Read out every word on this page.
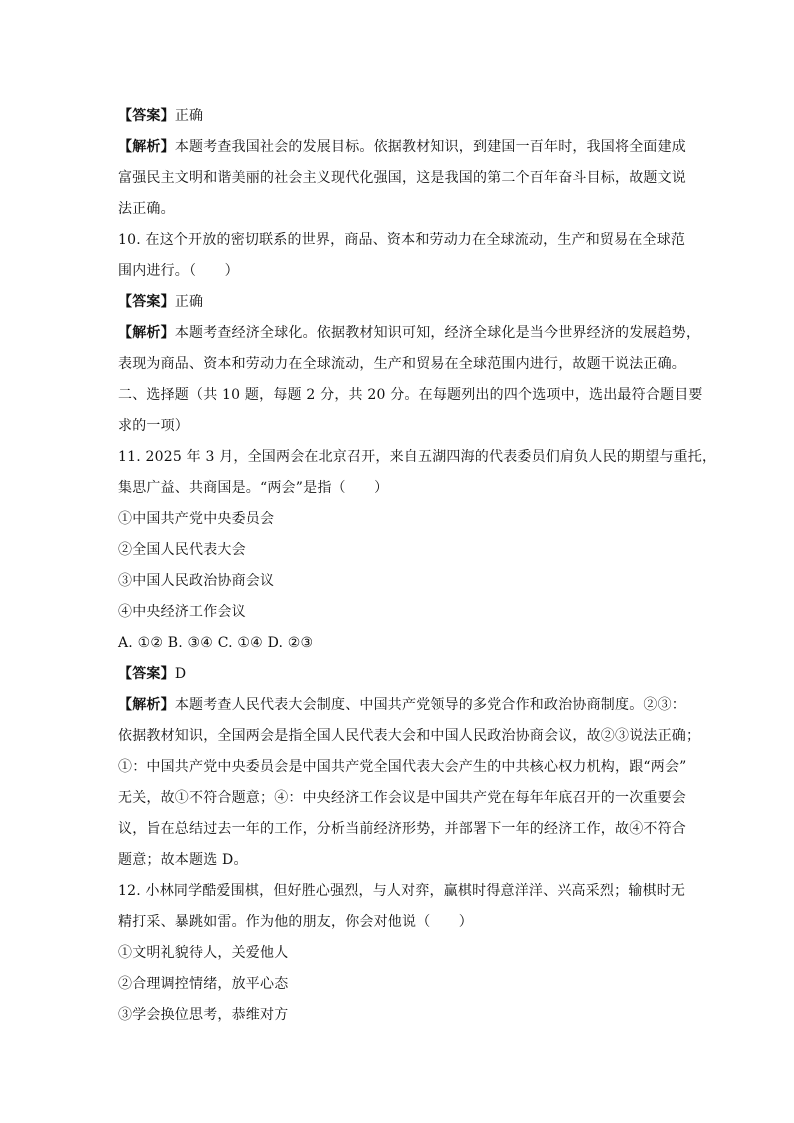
【答案】正确
【解析】本题考查我国社会的发展目标。依据教材知识，到建国一百年时，我国将全面建成
富强民主文明和谐美丽的社会主义现代化强国，这是我国的第二个百年奋斗目标，故题文说
法正确。
10. 在这个开放的密切联系的世界，商品、资本和劳动力在全球流动，生产和贸易在全球范
围内进行。（　　）
【答案】正确
【解析】本题考查经济全球化。依据教材知识可知，经济全球化是当今世界经济的发展趋势，
表现为商品、资本和劳动力在全球流动，生产和贸易在全球范围内进行，故题干说法正确。
二、选择题（共 10 题，每题 2 分，共 20 分。在每题列出的四个选项中，选出最符合题目要
求的一项）
11. 2025 年 3 月，全国两会在北京召开，来自五湖四海的代表委员们肩负人民的期望与重托，
集思广益、共商国是。“两会”是指（　　）
①中国共产党中央委员会
②全国人民代表大会
③中国人民政治协商会议
④中央经济工作会议
A. ①② B. ③④ C. ①④ D. ②③
【答案】D
【解析】本题考查人民代表大会制度、中国共产党领导的多党合作和政治协商制度。②③：
依据教材知识，全国两会是指全国人民代表大会和中国人民政治协商会议，故②③说法正确；
①：中国共产党中央委员会是中国共产党全国代表大会产生的中共核心权力机构，跟“两会”
无关，故①不符合题意；④：中央经济工作会议是中国共产党在每年年底召开的一次重要会
议，旨在总结过去一年的工作，分析当前经济形势，并部署下一年的经济工作，故④不符合
题意；故本题选 D。
12. 小林同学酷爱围棋，但好胜心强烈，与人对弈，赢棋时得意洋洋、兴高采烈；输棋时无
精打采、暴跳如雷。作为他的朋友，你会对他说（　　）
①文明礼貌待人，关爱他人
②合理调控情绪，放平心态
③学会换位思考，恭维对方
